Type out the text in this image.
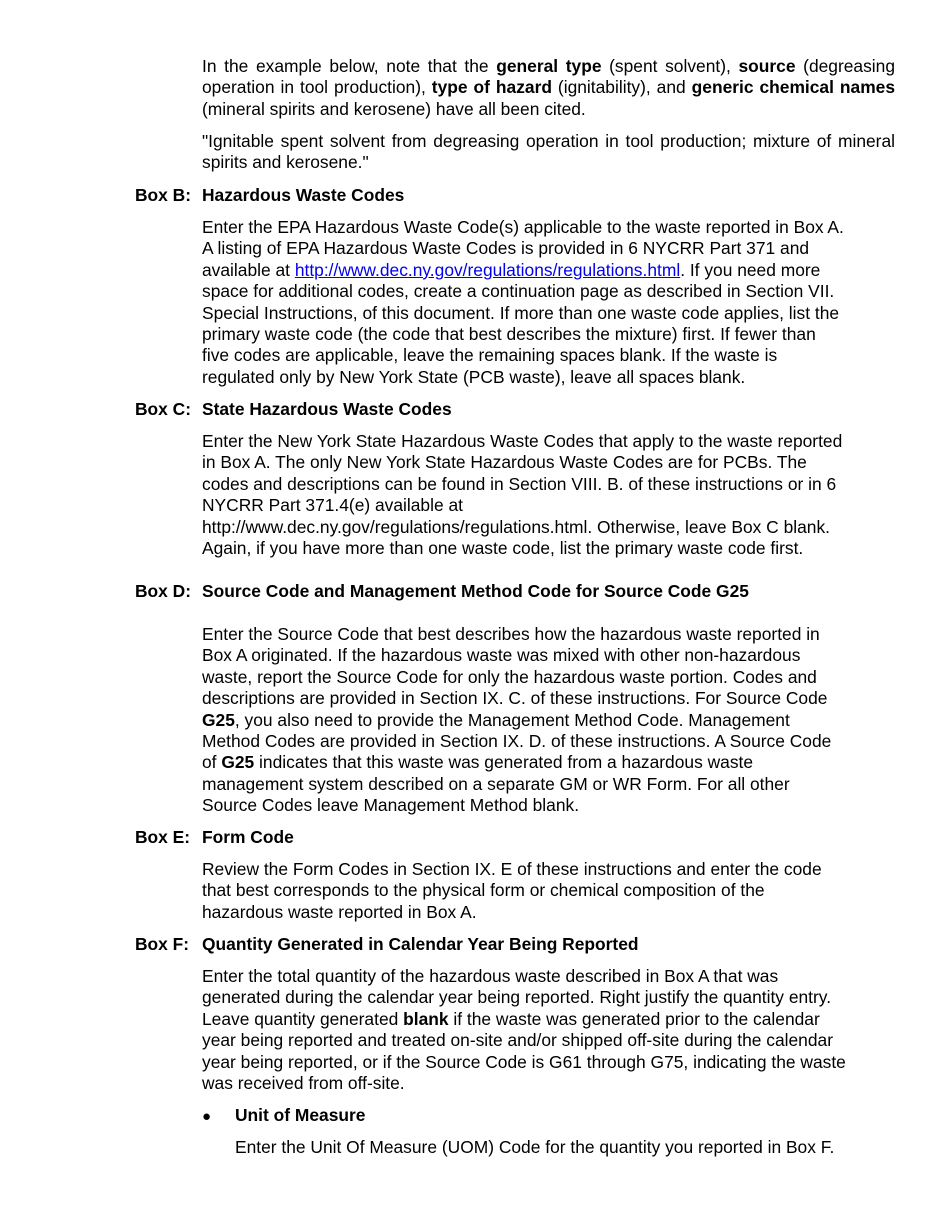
In the example below, note that the general type (spent solvent), source (degreasing operation in tool production), type of hazard (ignitability), and generic chemical names (mineral spirits and kerosene) have all been cited.
"Ignitable spent solvent from degreasing operation in tool production; mixture of mineral spirits and kerosene."
Box B: Hazardous Waste Codes
Enter the EPA Hazardous Waste Code(s) applicable to the waste reported in Box A.
A listing of EPA Hazardous Waste Codes is provided in 6 NYCRR Part 371 and
available at http://www.dec.ny.gov/regulations/regulations.html. If you need more
space for additional codes, create a continuation page as described in Section VII.
Special Instructions, of this document. If more than one waste code applies, list the
primary waste code (the code that best describes the mixture) first. If fewer than
five codes are applicable, leave the remaining spaces blank. If the waste is
regulated only by New York State (PCB waste), leave all spaces blank.
Box C: State Hazardous Waste Codes
Enter the New York State Hazardous Waste Codes that apply to the waste reported
in Box A. The only New York State Hazardous Waste Codes are for PCBs. The
codes and descriptions can be found in Section VIII. B. of these instructions or in 6
NYCRR Part 371.4(e) available at
http://www.dec.ny.gov/regulations/regulations.html. Otherwise, leave Box C blank.
Again, if you have more than one waste code, list the primary waste code first.
Box D: Source Code and Management Method Code for Source Code G25
Enter the Source Code that best describes how the hazardous waste reported in
Box A originated. If the hazardous waste was mixed with other non-hazardous
waste, report the Source Code for only the hazardous waste portion. Codes and
descriptions are provided in Section IX. C. of these instructions. For Source Code
G25, you also need to provide the Management Method Code. Management
Method Codes are provided in Section IX. D. of these instructions. A Source Code
of G25 indicates that this waste was generated from a hazardous waste
management system described on a separate GM or WR Form. For all other
Source Codes leave Management Method blank.
Box E: Form Code
Review the Form Codes in Section IX. E of these instructions and enter the code
that best corresponds to the physical form or chemical composition of the
hazardous waste reported in Box A.
Box F: Quantity Generated in Calendar Year Being Reported
Enter the total quantity of the hazardous waste described in Box A that was
generated during the calendar year being reported. Right justify the quantity entry.
Leave quantity generated blank if the waste was generated prior to the calendar
year being reported and treated on-site and/or shipped off-site during the calendar
year being reported, or if the Source Code is G61 through G75, indicating the waste
was received from off-site.
● Unit of Measure
Enter the Unit Of Measure (UOM) Code for the quantity you reported in Box F.
